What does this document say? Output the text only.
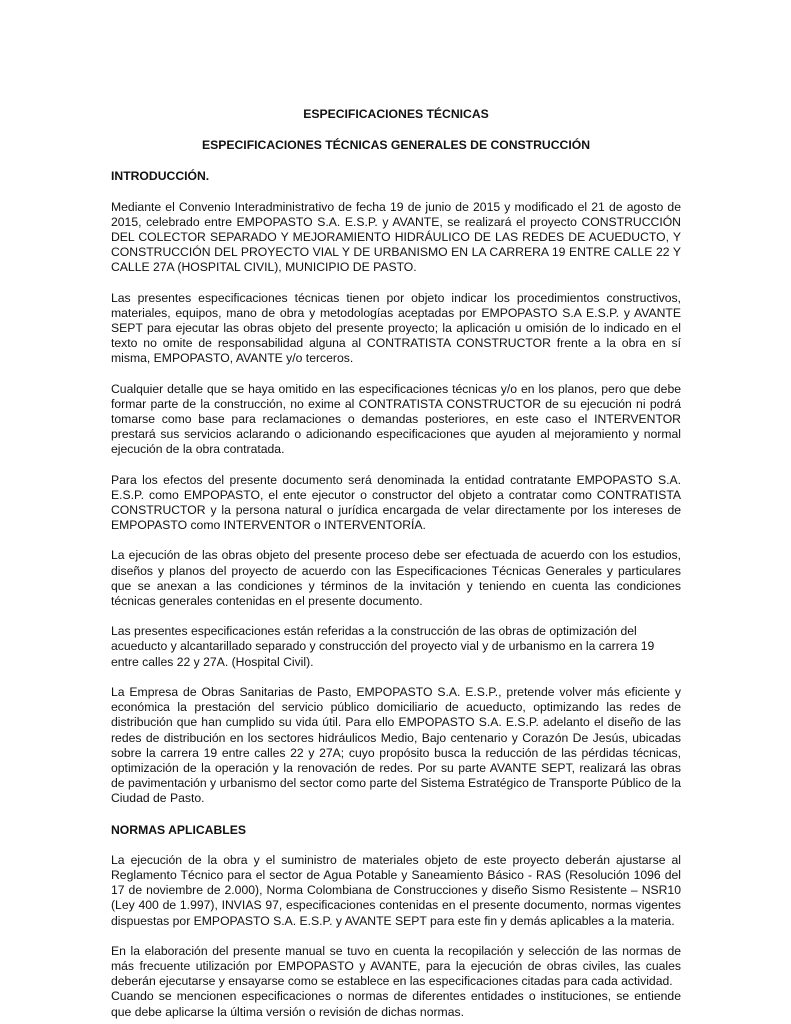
ESPECIFICACIONES TÉCNICAS
ESPECIFICACIONES TÉCNICAS GENERALES DE CONSTRUCCIÓN
INTRODUCCIÓN.

Mediante el Convenio Interadministrativo de fecha 19 de junio de 2015 y modificado el 21 de agosto de 2015, celebrado entre EMPOPASTO S.A. E.S.P. y AVANTE, se realizará el proyecto CONSTRUCCIÓN DEL COLECTOR SEPARADO Y MEJORAMIENTO HIDRÁULICO DE LAS REDES DE ACUEDUCTO, Y CONSTRUCCIÓN DEL PROYECTO VIAL Y DE URBANISMO EN LA CARRERA 19 ENTRE CALLE 22 Y CALLE 27A (HOSPITAL CIVIL), MUNICIPIO DE PASTO.

Las presentes especificaciones técnicas tienen por objeto indicar los procedimientos constructivos, materiales, equipos, mano de obra y metodologías aceptadas por EMPOPASTO S.A E.S.P. y AVANTE SEPT para ejecutar las obras objeto del presente proyecto; la aplicación u omisión de lo indicado en el texto no omite de responsabilidad alguna al CONTRATISTA CONSTRUCTOR frente a la obra en sí misma, EMPOPASTO, AVANTE y/o terceros.

Cualquier detalle que se haya omitido en las especificaciones técnicas y/o en los planos, pero que debe formar parte de la construcción, no exime al CONTRATISTA CONSTRUCTOR de su ejecución ni podrá tomarse como base para reclamaciones o demandas posteriores, en este caso el INTERVENTOR prestará sus servicios aclarando o adicionando especificaciones que ayuden al mejoramiento y normal ejecución de la obra contratada.

Para los efectos del presente documento será denominada la entidad contratante EMPOPASTO S.A. E.S.P. como EMPOPASTO, el ente ejecutor o constructor del objeto a contratar como CONTRATISTA CONSTRUCTOR y la persona natural o jurídica encargada de velar directamente por los intereses de EMPOPASTO como INTERVENTOR o INTERVENTORÍA.

La ejecución de las obras objeto del presente proceso debe ser efectuada de acuerdo con los estudios, diseños y planos del proyecto de acuerdo con las Especificaciones Técnicas Generales y particulares que se anexan a las condiciones y términos de la invitación y teniendo en cuenta las condiciones técnicas generales contenidas en el presente documento.

Las presentes especificaciones están referidas a la construcción de las obras de optimización del acueducto y alcantarillado separado y construcción del proyecto vial y de urbanismo en la carrera 19 entre calles 22 y 27A. (Hospital Civil).

La Empresa de Obras Sanitarias de Pasto, EMPOPASTO S.A. E.S.P., pretende volver más eficiente y económica la prestación del servicio público domiciliario de acueducto, optimizando las redes de distribución que han cumplido su vida útil. Para ello EMPOPASTO S.A. E.S.P. adelanto el diseño de las redes de distribución en los sectores hidráulicos Medio, Bajo centenario y Corazón De Jesús, ubicadas sobre la carrera 19 entre calles 22 y 27A; cuyo propósito busca la reducción de las pérdidas técnicas, optimización de la operación y la renovación de redes. Por su parte AVANTE SEPT, realizará las obras de pavimentación y urbanismo del sector como parte del Sistema Estratégico de Transporte Público de la Ciudad de Pasto.

NORMAS APLICABLES

La ejecución de la obra y el suministro de materiales objeto de este proyecto deberán ajustarse al Reglamento Técnico para el sector de Agua Potable y Saneamiento Básico - RAS (Resolución 1096 del 17 de noviembre de 2.000), Norma Colombiana de Construcciones y diseño Sismo Resistente – NSR10 (Ley 400 de 1.997), INVIAS 97, especificaciones contenidas en el presente documento, normas vigentes dispuestas por EMPOPASTO S.A. E.S.P. y AVANTE SEPT para este fin y demás aplicables a la materia.

En la elaboración del presente manual se tuvo en cuenta la recopilación y selección de las normas de más frecuente utilización por EMPOPASTO y AVANTE, para la ejecución de obras civiles, las cuales deberán ejecutarse y ensayarse como se establece en las especificaciones citadas para cada actividad.

Cuando se mencionen especificaciones o normas de diferentes entidades o instituciones, se entiende que debe aplicarse la última versión o revisión de dichas normas.
